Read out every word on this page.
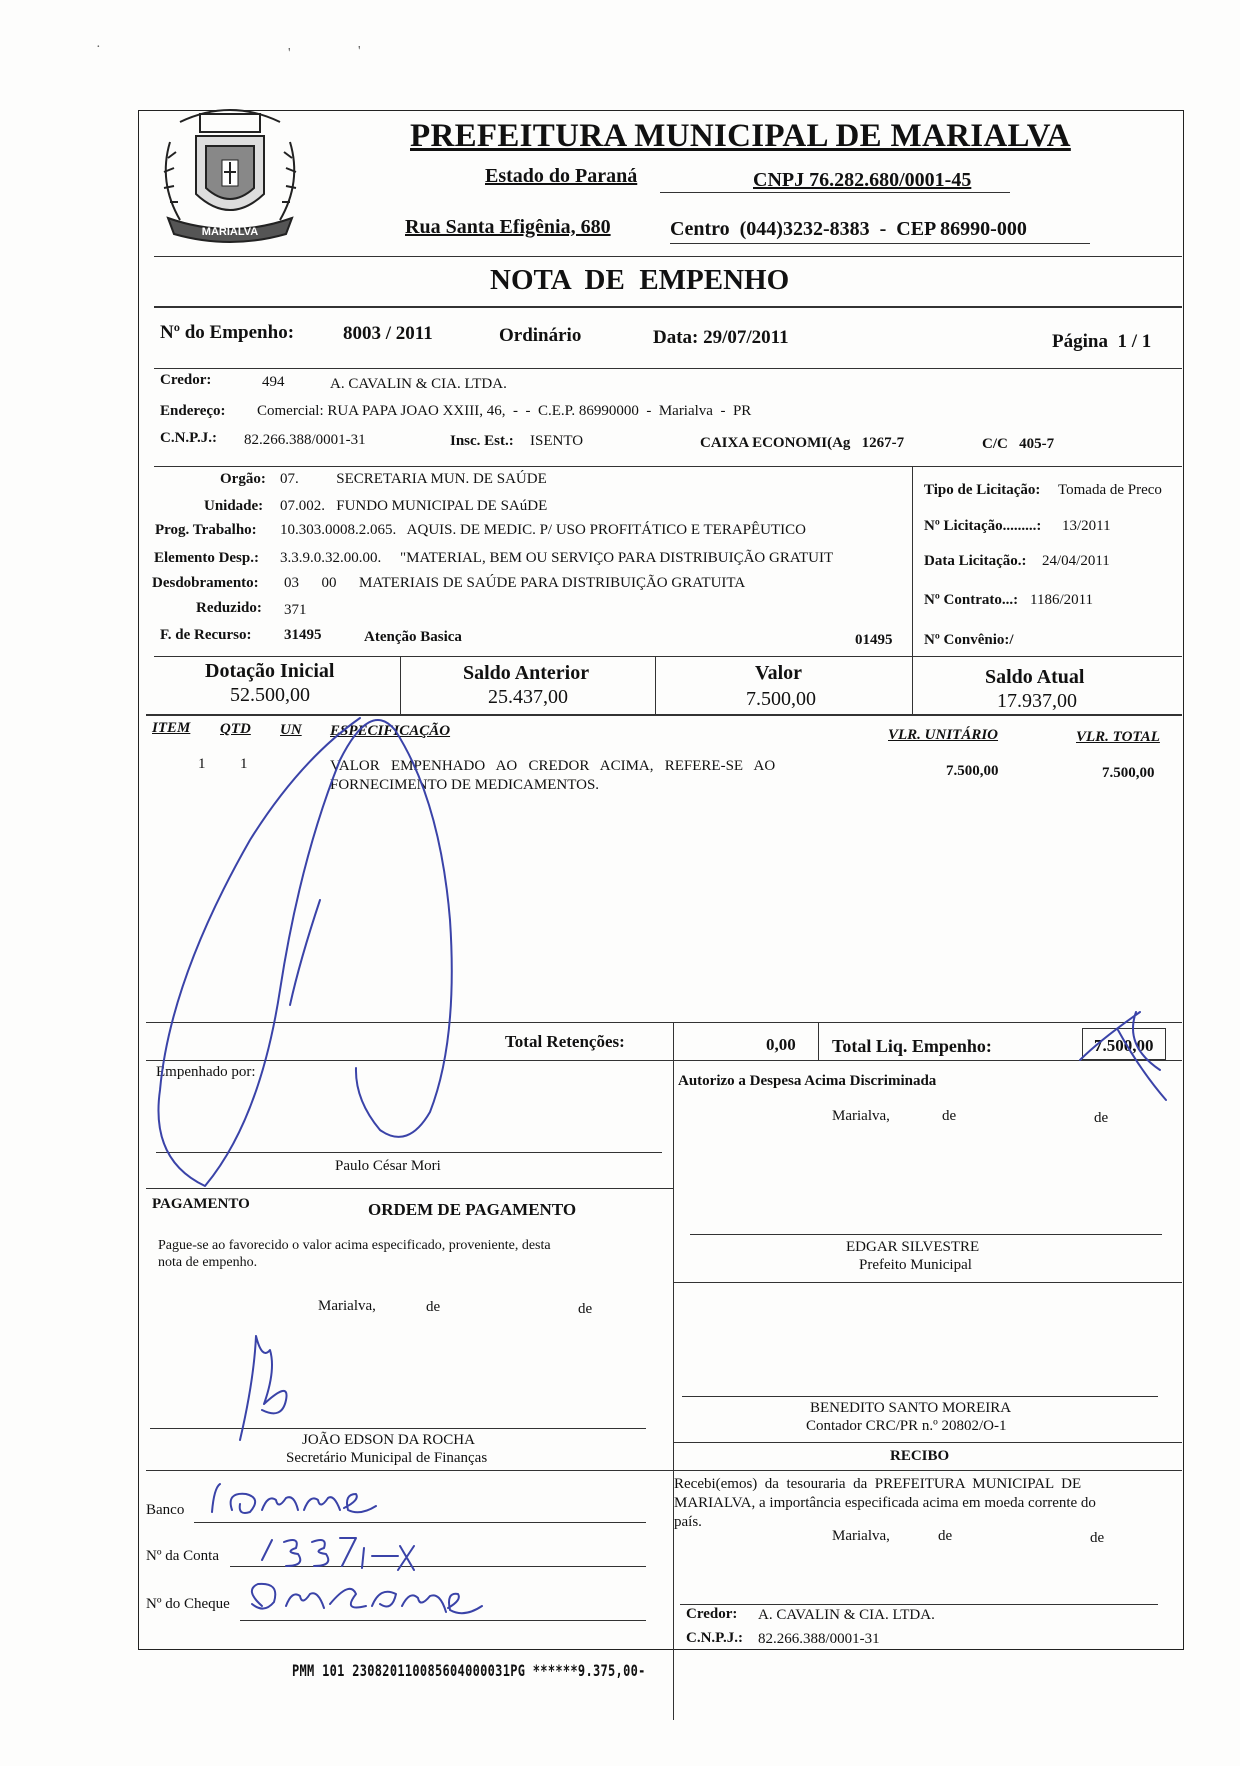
·	'	'
MARIALVA
PREFEITURA MUNICIPAL DE MARIALVA
Estado do Paraná	CNPJ 76.282.680/0001-45
Rua Santa Efigênia, 680	Centro  (044)3232-8383  -  CEP 86990-000
NOTA  DE  EMPENHO
Nº do Empenho:	8003 / 2011	Ordinário	Data: 29/07/2011	Página  1 / 1
Credor:	494	A. CAVALIN & CIA. LTDA.
Endereço: Comercial: RUA PAPA JOAO XXIII, 46,  -  -  C.E.P. 86990000  -  Marialva  -  PR
C.N.P.J.: 82.266.388/0001-31	Insc. Est.: ISENTO	CAIXA ECONOMI(Ag   1267-7	C/C   405-7
Orgão: 07.          SECRETARIA MUN. DE SAÚDE
Unidade: 07.002.   FUNDO MUNICIPAL DE SAúDE
Prog. Trabalho: 10.303.0008.2.065.   AQUIS. DE MEDIC. P/ USO PROFITÁTICO E TERAPÊUTICO
Elemento Desp.: 3.3.9.0.32.00.00.     "MATERIAL, BEM OU SERVIÇO PARA DISTRIBUIÇÃO GRATUIT
Desdobramento: 03      00      MATERIAIS DE SAÚDE PARA DISTRIBUIÇÃO GRATUITA
Reduzido: 371
F. de Recurso: 31495	Atenção Basica	01495
Tipo de Licitação: Tomada de Preco
Nº Licitação.........: 13/2011
Data Licitação.: 24/04/2011
Nº Contrato...: 1186/2011
Nº Convênio:/
Dotação Inicial
52.500,00
Saldo Anterior
25.437,00
Valor
7.500,00
Saldo Atual
17.937,00
ITEM QTD UN ESPECIFICAÇÃO	VLR. UNITÁRIO	VLR. TOTAL
1 1	VALOR   EMPENHADO   AO   CREDOR   ACIMA,   REFERE-SE   AO
FORNECIMENTO DE MEDICAMENTOS.
7.500,00	7.500,00
Total Retenções:	0,00 Total Liq. Empenho:	7.500,00
Empenhado por:
Paulo César Mori
Autorizo a Despesa Acima Discriminada
Marialva,	de	de
EDGAR SILVESTRE
Prefeito Municipal
PAGAMENTO	ORDEM DE PAGAMENTO
Pague-se ao favorecido o valor acima especificado, proveniente, desta
nota de empenho.
Marialva,	de	de
JOÃO EDSON DA ROCHA
Secretário Municipal de Finanças
BENEDITO SANTO MOREIRA
Contador CRC/PR n.º 20802/O-1
Banco
Nº da Conta
Nº do Cheque
RECIBO
Recebi(emos)  da  tesouraria  da  PREFEITURA  MUNICIPAL  DE
MARIALVA, a importância especificada acima em moeda corrente do
país.
Marialva,	de	de
Credor: A. CAVALIN & CIA. LTDA.
C.N.P.J.: 82.266.388/0001-31
PMM 101 230820110085604000031PG ******9.375,00-
